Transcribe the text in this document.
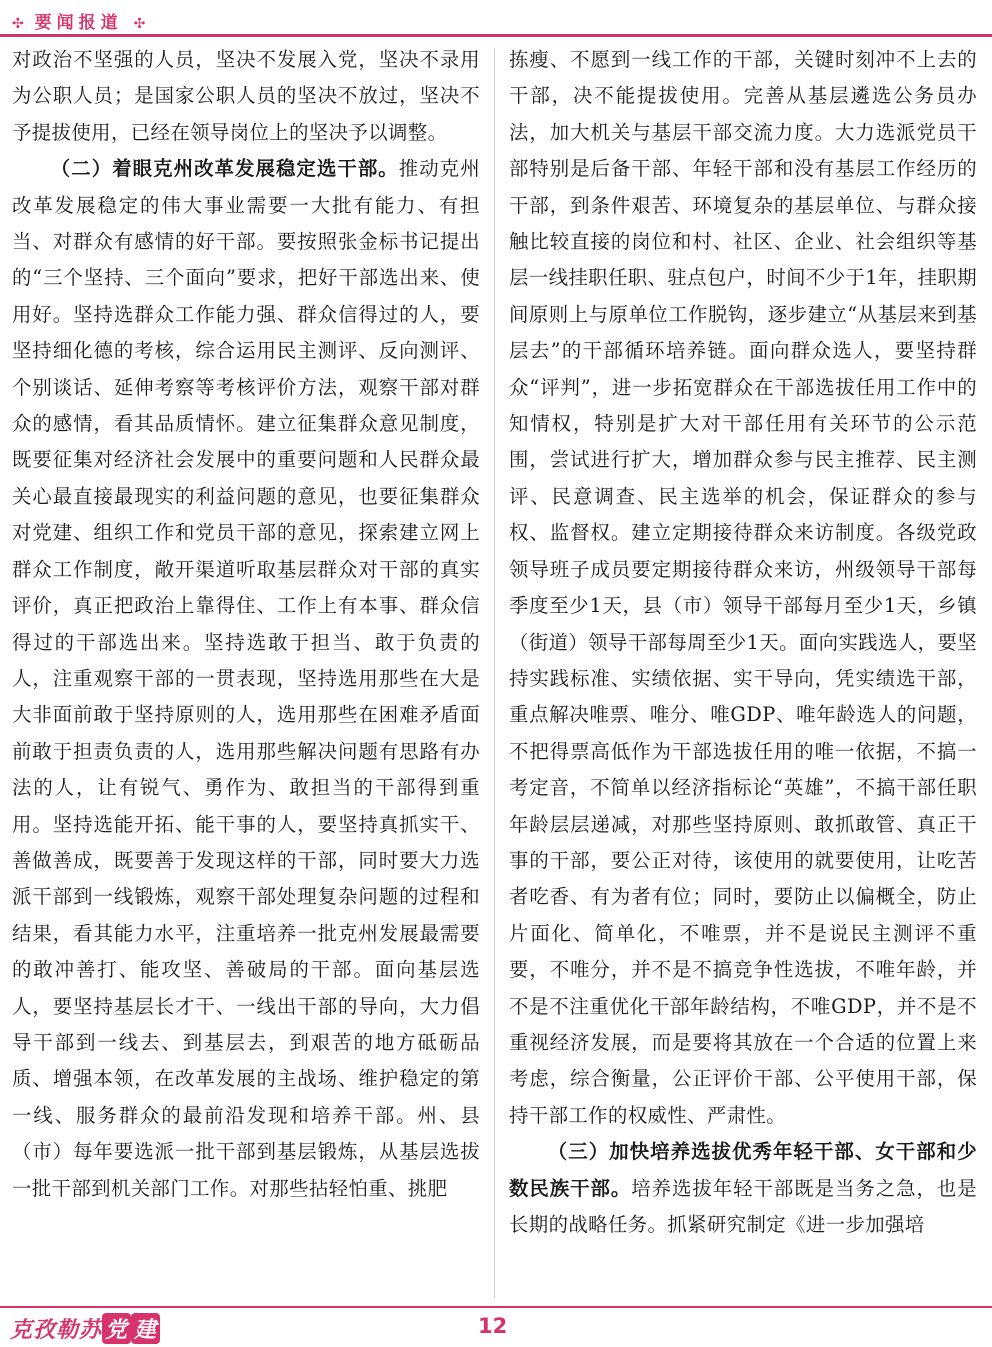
✣ 要闻报道 ✣

对政治不坚强的人员，坚决不发展入党，坚决不录用为公职人员；是国家公职人员的坚决不放过，坚决不予提拔使用，已经在领导岗位上的坚决予以调整。

（二）着眼克州改革发展稳定选干部。推动克州改革发展稳定的伟大事业需要一大批有能力、有担当、对群众有感情的好干部。要按照张金标书记提出的“三个坚持、三个面向”要求，把好干部选出来、使用好。坚持选群众工作能力强、群众信得过的人，要坚持细化德的考核，综合运用民主测评、反向测评、个别谈话、延伸考察等考核评价方法，观察干部对群众的感情，看其品质情怀。建立征集群众意见制度，既要征集对经济社会发展中的重要问题和人民群众最关心最直接最现实的利益问题的意见，也要征集群众对党建、组织工作和党员干部的意见，探索建立网上群众工作制度，敞开渠道听取基层群众对干部的真实评价，真正把政治上靠得住、工作上有本事、群众信得过的干部选出来。坚持选敢于担当、敢于负责的人，注重观察干部的一贯表现，坚持选用那些在大是大非面前敢于坚持原则的人，选用那些在困难矛盾面前敢于担责负责的人，选用那些解决问题有思路有办法的人，让有锐气、勇作为、敢担当的干部得到重用。坚持选能开拓、能干事的人，要坚持真抓实干、善做善成，既要善于发现这样的干部，同时要大力选派干部到一线锻炼，观察干部处理复杂问题的过程和结果，看其能力水平，注重培养一批克州发展最需要的敢冲善打、能攻坚、善破局的干部。面向基层选人，要坚持基层长才干、一线出干部的导向，大力倡导干部到一线去、到基层去，到艰苦的地方砥砺品质、增强本领，在改革发展的主战场、维护稳定的第一线、服务群众的最前沿发现和培养干部。州、县（市）每年要选派一批干部到基层锻炼，从基层选拔一批干部到机关部门工作。对那些拈轻怕重、挑肥

拣瘦、不愿到一线工作的干部，关键时刻冲不上去的干部，决不能提拔使用。完善从基层遴选公务员办法，加大机关与基层干部交流力度。大力选派党员干部特别是后备干部、年轻干部和没有基层工作经历的干部，到条件艰苦、环境复杂的基层单位、与群众接触比较直接的岗位和村、社区、企业、社会组织等基层一线挂职任职、驻点包户，时间不少于1年，挂职期间原则上与原单位工作脱钩，逐步建立“从基层来到基层去”的干部循环培养链。面向群众选人，要坚持群众“评判”，进一步拓宽群众在干部选拔任用工作中的知情权，特别是扩大对干部任用有关环节的公示范围，尝试进行扩大，增加群众参与民主推荐、民主测评、民意调查、民主选举的机会，保证群众的参与权、监督权。建立定期接待群众来访制度。各级党政领导班子成员要定期接待群众来访，州级领导干部每季度至少1天，县（市）领导干部每月至少1天，乡镇（街道）领导干部每周至少1天。面向实践选人，要坚持实践标准、实绩依据、实干导向，凭实绩选干部，重点解决唯票、唯分、唯GDP、唯年龄选人的问题，不把得票高低作为干部选拔任用的唯一依据，不搞一考定音，不简单以经济指标论“英雄”，不搞干部任职年龄层层递减，对那些坚持原则、敢抓敢管、真正干事的干部，要公正对待，该使用的就要使用，让吃苦者吃香、有为者有位；同时，要防止以偏概全，防止片面化、简单化，不唯票，并不是说民主测评不重要，不唯分，并不是不搞竞争性选拔，不唯年龄，并不是不注重优化干部年龄结构，不唯GDP，并不是不重视经济发展，而是要将其放在一个合适的位置上来考虑，综合衡量，公正评价干部、公平使用干部，保持干部工作的权威性、严肃性。

（三）加快培养选拔优秀年轻干部、女干部和少数民族干部。培养选拔年轻干部既是当务之急，也是长期的战略任务。抓紧研究制定《进一步加强培

克孜勒苏 党 建	12
